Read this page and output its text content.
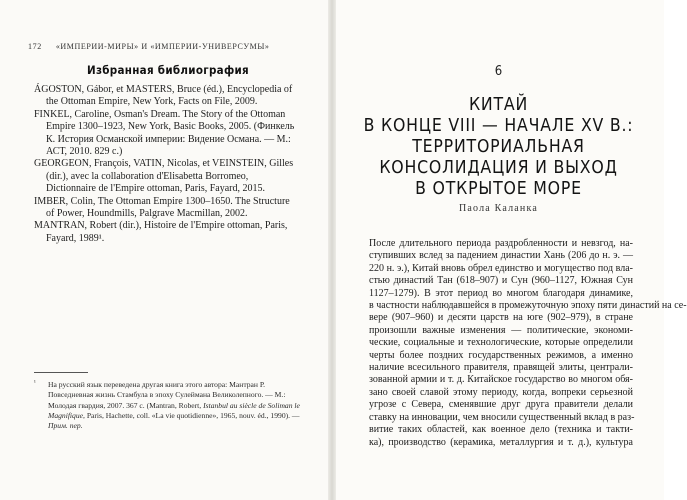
172 «ИМПЕРИИ-МИРЫ» И «ИМПЕРИИ-УНИВЕРСУМЫ»
Избранная библиография
ÁGOSTON, Gábor, et MASTERS, Bruce (éd.), Encyclopedia of the Ottoman Empire, New York, Facts on File, 2009.
FINKEL, Caroline, Osman's Dream. The Story of the Ottoman Empire 1300–1923, New York, Basic Books, 2005. (Финкель К. История Османской империи: Видение Османа. — М.: АСТ, 2010. 829 с.)
GEORGEON, François, VATIN, Nicolas, et VEINSTEIN, Gilles (dir.), avec la collaboration d'Elisabetta Borromeo, Dictionnaire de l'Empire ottoman, Paris, Fayard, 2015.
IMBER, Colin, The Ottoman Empire 1300–1650. The Structure of Power, Houndmills, Palgrave Macmillan, 2002.
MANTRAN, Robert (dir.), Histoire de l'Empire ottoman, Paris, Fayard, 1989¹.
¹	На русский язык переведена другая книга этого автора: Мантран Р. Повседневная жизнь Стамбула в эпоху Сулеймана Великолепного. — М.: Молодая гвардия, 2007. 367 с. (Mantran, Robert, Istanbul au siècle de Soliman le Magnifique, Paris, Hachette, coll. «La vie quotidienne», 1965, nouv. éd., 1990). — Прим. пер.
6
КИТАЙ
В КОНЦЕ VIII — НАЧАЛЕ XV В.:
ТЕРРИТОРИАЛЬНАЯ
КОНСОЛИДАЦИЯ И ВЫХОД
В ОТКРЫТОЕ МОРЕ
Паола Каланка
После длительного периода раздробленности и невзгод, на-
ступивших вслед за падением династии Хань (206 до н. э. —
220 н. э.), Китай вновь обрел единство и могущество под вла-
стью династий Тан (618–907) и Сун (960–1127, Южная Сун
1127–1279). В этот период во многом благодаря динамике,
в частности наблюдавшейся в промежуточную эпоху пяти династий на се-
вере (907–960) и десяти царств на юге (902–979), в стране
произошли важные изменения — политические, экономи-
ческие, социальные и технологические, которые определили
черты более поздних государственных режимов, а именно
наличие всесильного правителя, правящей элиты, централи-
зованной армии и т. д. Китайское государство во многом обя-
зано своей славой этому периоду, когда, вопреки серьезной
угрозе с Севера, сменявшие друг друга правители делали
ставку на инновации, чем вносили существенный вклад в раз-
витие таких областей, как военное дело (техника и такти-
ка), производство (керамика, металлургия и т. д.), культура
